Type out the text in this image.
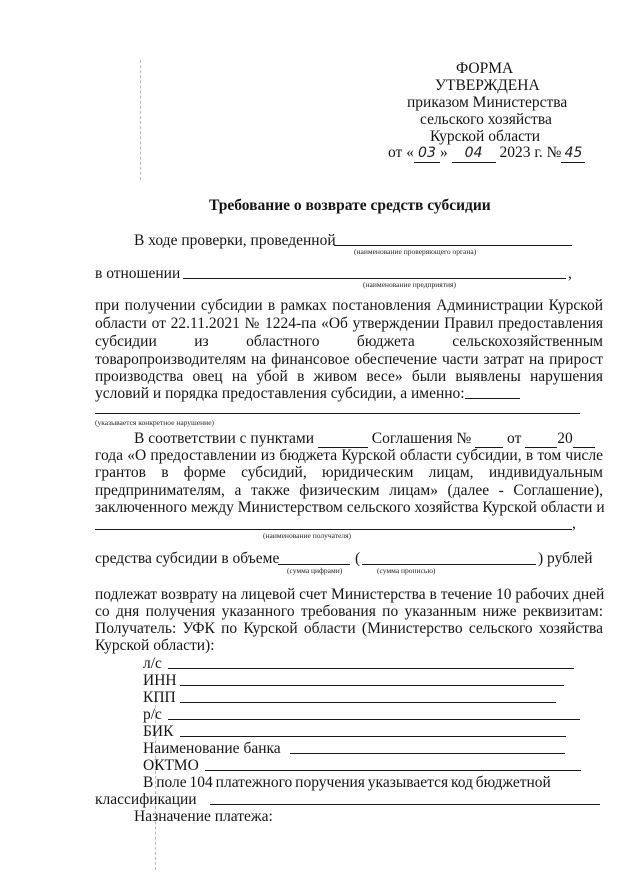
ФОРМА
УТВЕРЖДЕНА
приказом Министерства
сельского хозяйства
Курской области
от « 03 » 04 2023 г. № 45
Требование о возврате средств субсидии
В ходе проверки, проведенной
(наименование проверяющего органа)
в отношении	,
(наименование предприятия)
при получении субсидии в рамках постановления Администрации Курской
области от 22.11.2021 № 1224-па «Об утверждении Правил предоставления
субсидии из областного бюджета сельскохозяйственным
товаропроизводителям на финансовое обеспечение части затрат на прирост
производства овец на убой в живом весе» были выявлены нарушения
условий и порядка предоставления субсидии, а именно:
(указывается конкретное нарушение)
В соответствии с пунктами	Соглашения № от 20
года «О предоставлении из бюджета Курской области субсидии, в том числе
грантов в форме субсидий, юридическим лицам, индивидуальным
предпринимателям, а также физическим лицам» (далее - Соглашение),
заключенного между Министерством сельского хозяйства Курской области и
,
(наименование получателя)
средства субсидии в объеме	(	) рублей
(сумма цифрами)	(сумма прописью)
подлежат возврату на лицевой счет Министерства в течение 10 рабочих дней
со дня получения указанного требования по указанным ниже реквизитам:
Получатель: УФК по Курской области (Министерство сельского хозяйства
Курской области):
л/с
ИНН
КПП
р/с
БИК
Наименование банка
ОКТМО
В поле 104 платежного поручения указывается код бюджетной
классификации
Назначение платежа:
